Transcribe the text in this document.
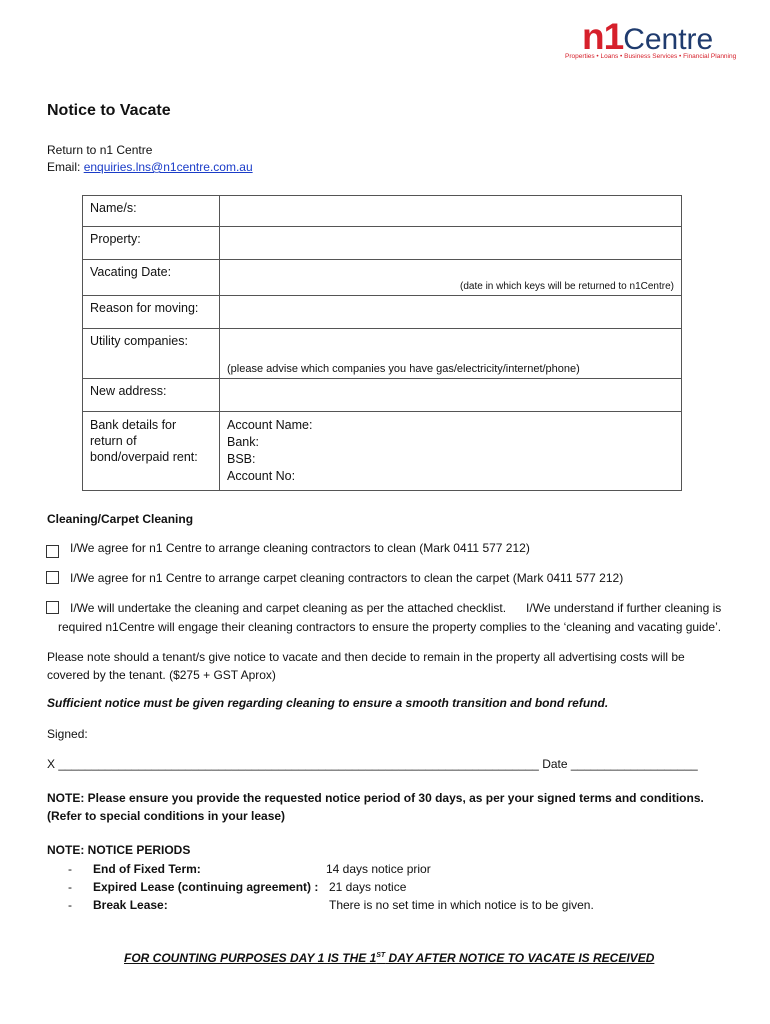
n1Centre
Properties • Loans • Business Services • Financial Planning
Notice to Vacate
Return to n1 Centre
Email: enquiries.lns@n1centre.com.au
Name/s:	
Property:	
Vacating Date:	(date in which keys will be returned to n1Centre)
Reason for moving:	
Utility companies:	(please advise which companies you have gas/electricity/internet/phone)
New address:	
Bank details for return of bond/overpaid rent:	Account Name:
Bank:
BSB:
Account No:
Cleaning/Carpet Cleaning
I/We agree for n1 Centre to arrange cleaning contractors to clean (Mark 0411 577 212)
I/We agree for n1 Centre to arrange carpet cleaning contractors to clean the carpet (Mark 0411 577 212)
I/We will undertake the cleaning and carpet cleaning as per the attached checklist.      I/We understand if further cleaning is
required n1Centre will engage their cleaning contractors to ensure the property complies to the ‘cleaning and vacating guide’.
Please note should a tenant/s give notice to vacate and then decide to remain in the property all advertising costs will be
covered by the tenant. ($275 + GST Aprox)
Sufficient notice must be given regarding cleaning to ensure a smooth transition and bond refund.
Signed:
X ________________________________________________________________________ Date ___________________
NOTE: Please ensure you provide the requested notice period of 30 days, as per your signed terms and conditions.
(Refer to special conditions in your lease)
NOTE: NOTICE PERIODS
- End of Fixed Term:	14 days notice prior
- Expired Lease (continuing agreement) : 21 days notice
- Break Lease:	There is no set time in which notice is to be given.
FOR COUNTING PURPOSES DAY 1 IS THE 1ST DAY AFTER NOTICE TO VACATE IS RECEIVED
